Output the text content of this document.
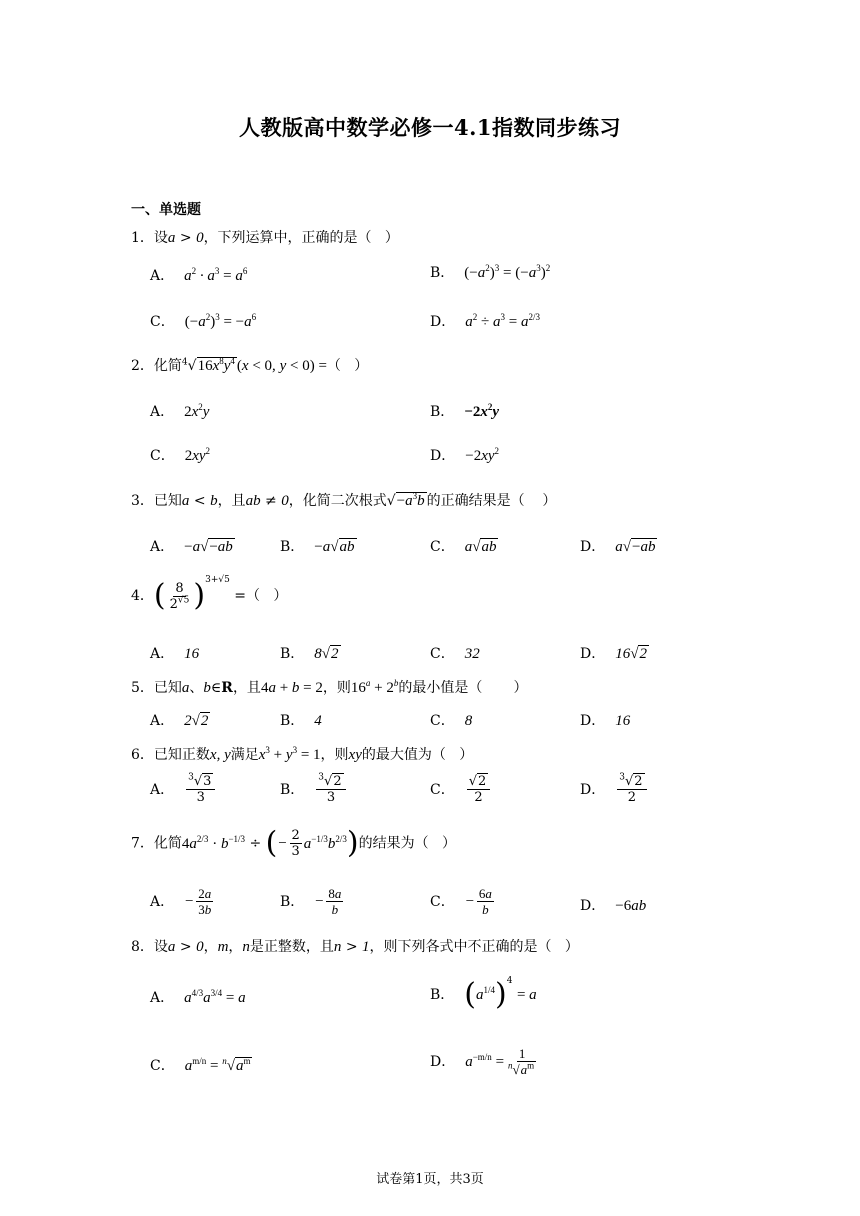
人教版高中数学必修一4.1指数同步练习
一、单选题
1．设a > 0，下列运算中，正确的是（   ）
A． $a^2 \cdot a^3 = a^6$	B． $(-a^2)^3 = (-a^3)^2$
C． $(-a^2)^3 = -a^6$	D． $a^2 \div a^3 = a^{2/3}$
2．化简$^4√16x^8y^4$ (x < 0, y < 0) =（   ）
A． $2x^2y$	B． $-2x^2y$
C． $2xy^2$	D． $-2xy^2$
3．已知a < b，且ab ≠ 0，化简二次根式$√-a^3b$ 的正确结果是（    ）
A． −a√−ab	B． −a√ab	C． a√ab	D． a√−ab
4．( $\frac{8}{2^{√5}} )^{3+√5}$ =（   ）
A． 16	B． 8√2	C． 32	D． 16√2
5．已知a、b∈R，且4a + b = 2，则$16^a + 2^b$的最小值是（       ）
A． 2√2	B． 4	C． 8	D． 16
6．已知正数x, y满足$x^3 + y^3 = 1$，则xy的最大值为（   ）
A． $\frac{^3√3}{3}$	B． $\frac{^3√2}{3}$	C． $\frac{√2}{2}$	D． $\frac{^3√2}{2}$
7．化简$4a^{2/3} \cdot b^{-1/3}$ ÷ (− $\frac{2}{3} a^{-1/3}b^{2/3}$)的结果为（   ）
A． − $\frac{2a}{3b}$	B． − $\frac{8a}{b}$	C． − $\frac{6a}{b}$	D． −6ab
8．设a > 0，m，n是正整数，且n > 1，则下列各式中不正确的是（   ）
A． $a^{4/3}a^{3/4} = a$	B． $(a^{1/4})^4 = a$
C． $a^{m/n} = ^n√a^m$	D． $a^{-m/n} = \frac{1}{^n√a^m}$
试卷第1页，共3页
